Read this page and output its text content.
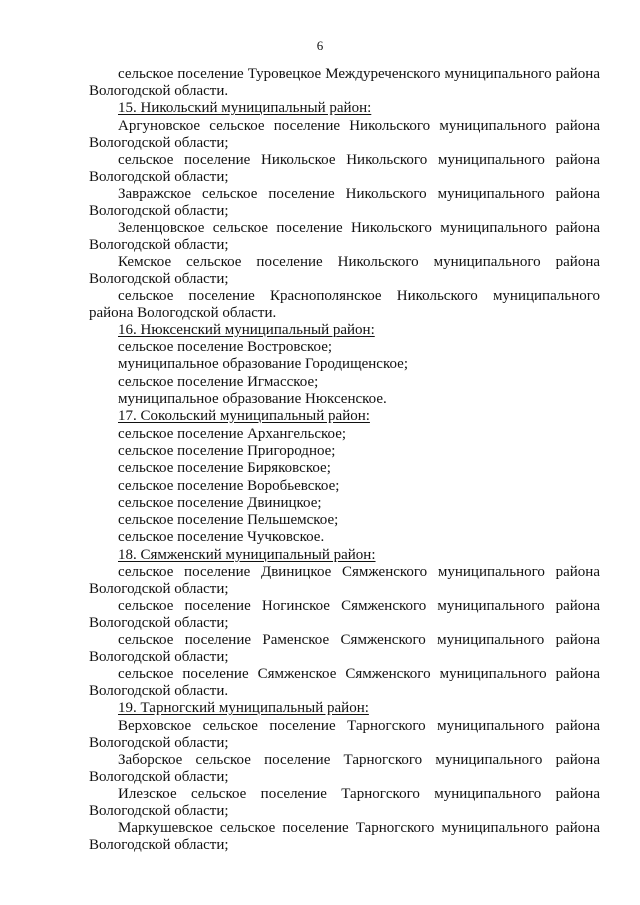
6

сельское поселение Туровецкое Междуреченского муниципального района Вологодской области.

15. Никольский муниципальный район:

Аргуновское сельское поселение Никольского муниципального района Вологодской области;

сельское поселение Никольское Никольского муниципального района Вологодской области;

Завражское сельское поселение Никольского муниципального района Вологодской области;

Зеленцовское сельское поселение Никольского муниципального района Вологодской области;

Кемское сельское поселение Никольского муниципального района Вологодской области;

сельское поселение Краснополянское Никольского муниципального района Вологодской области.

16. Нюксенский муниципальный район:

сельское поселение Востровское;

муниципальное образование Городищенское;

сельское поселение Игмасское;

муниципальное образование Нюксенское.

17. Сокольский муниципальный район:

сельское поселение Архангельское;

сельское поселение Пригородное;

сельское поселение Биряковское;

сельское поселение Воробьевское;

сельское поселение Двиницкое;

сельское поселение Пельшемское;

сельское поселение Чучковское.

18. Сямженский муниципальный район:

сельское поселение Двиницкое Сямженского муниципального района Вологодской области;

сельское поселение Ногинское Сямженского муниципального района Вологодской области;

сельское поселение Раменское Сямженского муниципального района Вологодской области;

сельское поселение Сямженское Сямженского муниципального района Вологодской области.

19. Тарногский муниципальный район:

Верховское сельское поселение Тарногского муниципального района Вологодской области;

Заборское сельское поселение Тарногского муниципального района Вологодской области;

Илезское сельское поселение Тарногского муниципального района Вологодской области;

Маркушевское сельское поселение Тарногского муниципального района Вологодской области;
